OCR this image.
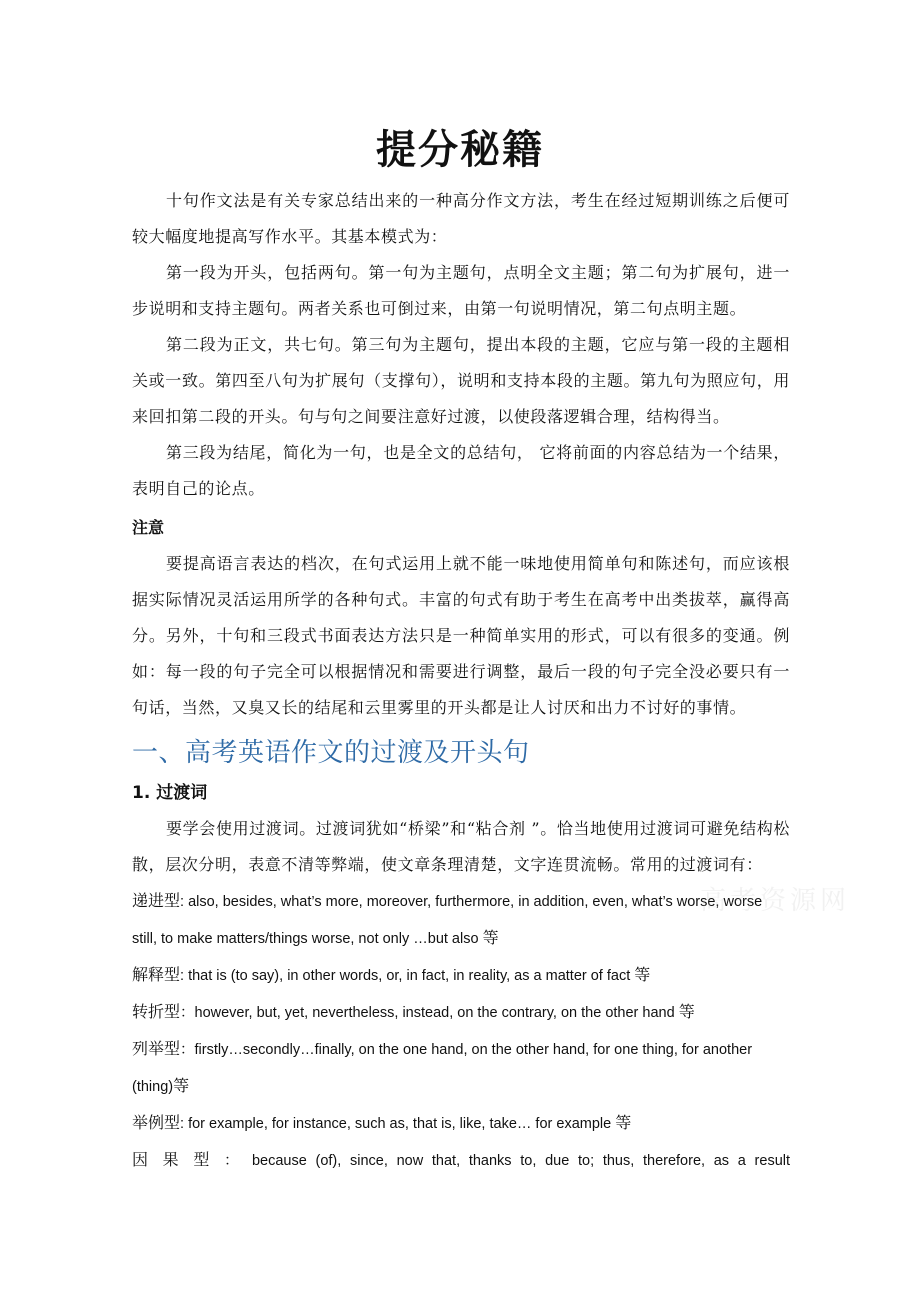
提分秘籍

十句作文法是有关专家总结出来的一种高分作文方法，考生在经过短期训练之后便可较大幅度地提高写作水平。其基本模式为：

第一段为开头，包括两句。第一句为主题句，点明全文主题；第二句为扩展句，进一步说明和支持主题句。两者关系也可倒过来，由第一句说明情况，第二句点明主题。

第二段为正文，共七句。第三句为主题句，提出本段的主题，它应与第一段的主题相关或一致。第四至八句为扩展句（支撑句），说明和支持本段的主题。第九句为照应句，用来回扣第二段的开头。句与句之间要注意好过渡，以使段落逻辑合理，结构得当。

第三段为结尾，简化为一句，也是全文的总结句， 它将前面的内容总结为一个结果，表明自己的论点。

注意

要提高语言表达的档次，在句式运用上就不能一味地使用简单句和陈述句，而应该根据实际情况灵活运用所学的各种句式。丰富的句式有助于考生在高考中出类拔萃，赢得高分。另外，十句和三段式书面表达方法只是一种简单实用的形式，可以有很多的变通。例如：每一段的句子完全可以根据情况和需要进行调整，最后一段的句子完全没必要只有一句话，当然，又臭又长的结尾和云里雾里的开头都是让人讨厌和出力不讨好的事情。

一、高考英语作文的过渡及开头句
1. 过渡词

要学会使用过渡词。过渡词犹如“桥梁”和“粘合剂 ”。恰当地使用过渡词可避免结构松散，层次分明，表意不清等弊端，使文章条理清楚，文字连贯流畅。常用的过渡词有：

递进型: also, besides, what’s more, moreover, furthermore, in addition, even, what’s worse, worse still, to make matters/things worse, not only …but also 等

解释型: that is (to say), in other words, or, in fact, in reality, as a matter of fact 等

转折型：however, but, yet, nevertheless, instead, on the contrary, on the other hand 等

列举型：firstly…secondly…finally, on the one hand, on the other hand, for one thing, for another (thing)等

举例型: for example, for instance, such as, that is, like, take… for example 等

因果型： because (of), since, now that, thanks to, due to; thus, therefore, as a result

高考资源网
